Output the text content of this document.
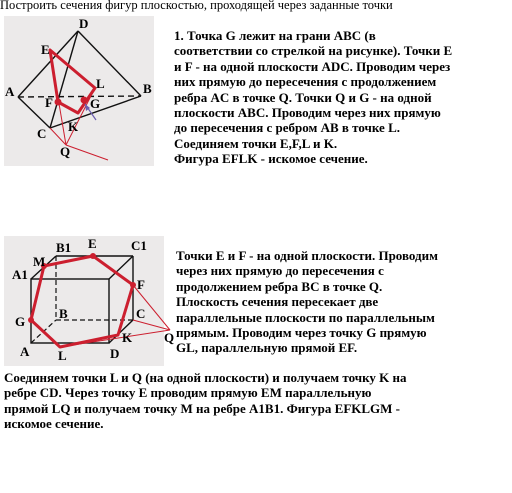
Построить сечения фигур плоскостью, проходящей через заданные точки
D
E
A
L	B
F	G
C K
Q
B1 E	C1
A1
M
F
G
B	C
Q
A L
K
D

1. Точка G лежит на грани ABC (в

соответствии со стрелкой на рисунке). Точки E

и F - на одной плоскости ADC. Проводим через

них прямую до пересечения с продолжением

ребра AC в точке Q. Точки Q и G - на одной

плоскости ABC. Проводим через них прямую

до пересечения с ребром AB в точке L.

Соединяем точки E,F,L и K.

Фигура EFLK - искомое сечение.

Точки E и F - на одной плоскости. Проводим

через них прямую до пересечения с

продолжением ребра BC в точке Q.

Плоскость сечения пересекает две

параллельные плоскости по параллельным

прямым. Проводим через точку G прямую

GL, параллельную прямой EF.

Соединяем точки L и Q (на одной плоскости) и получаем точку K на

ребре CD. Через точку E проводим прямую EM параллельную

прямой LQ и получаем точку M на ребре A1B1. Фигура EFKLGM -

искомое сечение.
